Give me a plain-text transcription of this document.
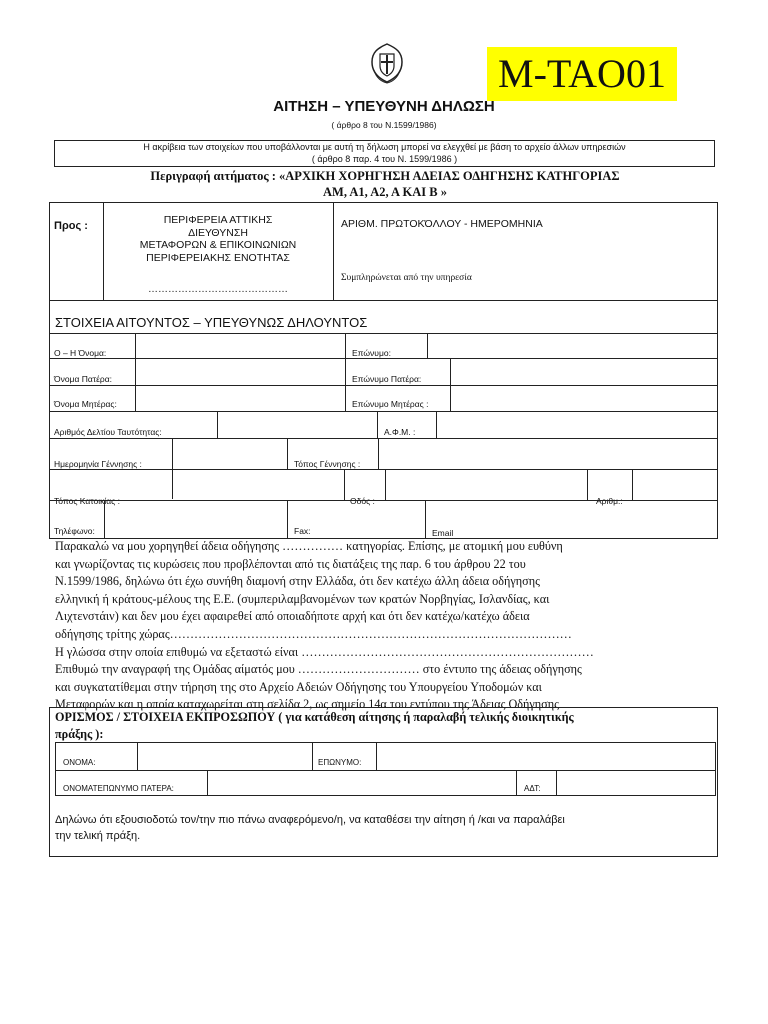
M-TAO01
ΑΙΤΗΣΗ – ΥΠΕΥΘΥΝΗ ΔΗΛΩΣΗ
( άρθρο 8 του Ν.1599/1986)
Η ακρίβεια των στοιχείων που υποβάλλονται με αυτή τη δήλωση μπορεί να ελεγχθεί με βάση το αρχείο άλλων υπηρεσιών
( άρθρο 8 παρ. 4 του Ν. 1599/1986 )
Περιγραφή αιτήματος : «ΑΡΧΙΚΗ ΧΟΡΗΓΗΣΗ ΑΔΕΙΑΣ ΟΔΗΓΗΣΗΣ ΚΑΤΗΓΟΡΙΑΣ
ΑΜ, Α1, Α2, Α ΚΑΙ Β »
Προς :	ΠΕΡΙΦΕΡΕΙΑ ΑΤΤΙΚΗΣ
ΔΙΕΥΘΥΝΣΗ
ΜΕΤΑΦΟΡΩΝ & ΕΠΙΚΟΙΝΩΝΙΩΝ
ΠΕΡΙΦΕΡΕΙΑΚΗΣ ΕΝΟΤΗΤΑΣ
……………………………………
ΑΡΙΘΜ. ΠΡΩΤΟΚΌΛΛΟΥ - ΗΜΕΡΟΜΗΝΙΑ
Συμπληρώνεται από την υπηρεσία
ΣΤΟΙΧΕΙΑ ΑΙΤΟΥΝΤΟΣ – ΥΠΕΥΘΥΝΩΣ ΔΗΛΟΥΝΤΟΣ
Ο – Η Όνομα:	Επώνυμο:
Όνομα Πατέρα:	Επώνυμο Πατέρα:
Όνομα Μητέρας:	Επώνυμο Μητέρας :
Αριθμός Δελτίου Ταυτότητας:	Α.Φ.Μ. :
Ημερομηνία Γέννησης :	Τόπος Γέννησης :
Τόπος Κατοικίας :	Οδός :	Αριθμ.:
Τηλέφωνο:	Fax:	Email
Παρακαλώ να μου χορηγηθεί άδεια οδήγησης …………… κατηγορίας. Επίσης, με ατομική μου ευθύνη
και γνωρίζοντας τις κυρώσεις που προβλέπονται από τις διατάξεις της παρ. 6 του άρθρου 22 του
Ν.1599/1986, δηλώνω ότι έχω συνήθη διαμονή στην Ελλάδα, ότι δεν κατέχω άλλη άδεια οδήγησης
ελληνική ή κράτους-μέλους της Ε.Ε. (συμπεριλαμβανομένων των κρατών Νορβηγίας, Ισλανδίας, και
Λιχτενστάιν) και δεν μου έχει αφαιρεθεί από οποιαδήποτε αρχή και ότι δεν κατέχω/κατέχω άδεια
οδήγησης τρίτης χώρας………………………………………………………………………………………
Η γλώσσα στην οποία επιθυμώ να εξεταστώ είναι ………………………………………………………………
Επιθυμώ την αναγραφή της Ομάδας αίματός μου ………………………… στο έντυπο της άδειας οδήγησης
και συγκατατίθεμαι στην τήρηση της στο Αρχείο Αδειών Οδήγησης του Υπουργείου Υποδομών και
Μεταφορών και η οποία καταχωρείται στη σελίδα 2, ως σημείο 14α του εντύπου της Άδειας Οδήγησης
ΟΡΙΣΜΟΣ / ΣΤΟΙΧΕΙΑ ΕΚΠΡΟΣΩΠΟΥ ( για κατάθεση αίτησης ή παραλαβή τελικής διοικητικής
πράξης ):
ΟΝΟΜΑ:	ΕΠΩΝΥΜΟ:
ΟΝΟΜΑΤΕΠΩΝΥΜΟ ΠΑΤΕΡΑ:	ΑΔΤ:
Δηλώνω ότι εξουσιοδοτώ τον/την πιο πάνω αναφερόμενο/η, να καταθέσει την αίτηση ή /και να παραλάβει
την τελική πράξη.
